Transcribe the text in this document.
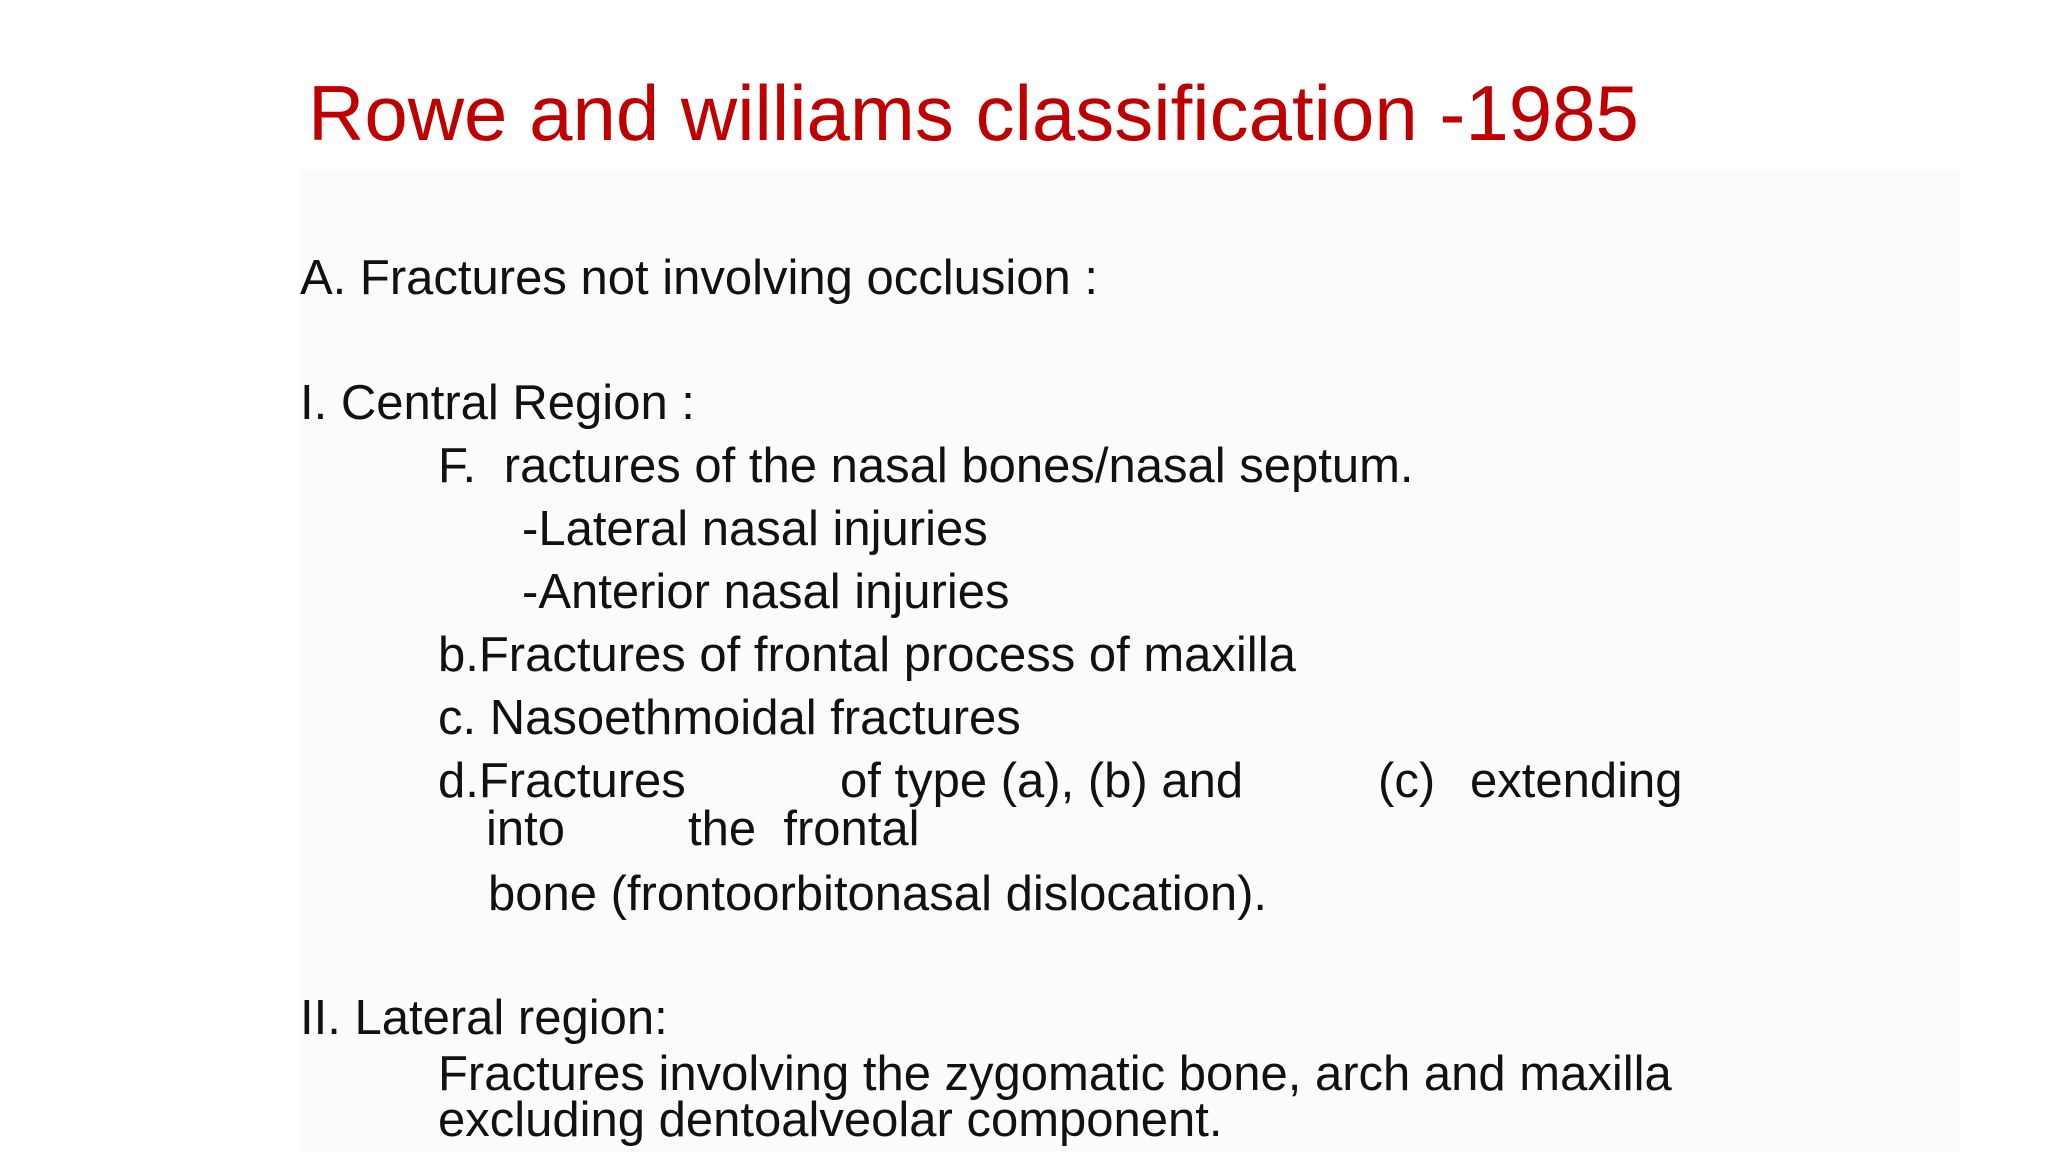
Rowe and williams classification -1985
A. Fractures not involving occlusion :
I. Central Region :
F. ractures of the nasal bones/nasal septum.
-Lateral nasal injuries
-Anterior nasal injuries
b.Fractures of frontal process of maxilla
c. Nasoethmoidal fractures
d.Fractures	of type (a), (b) and	(c) extending
into	the  frontal
bone (frontoorbitonasal dislocation).
II. Lateral region:
Fractures involving the zygomatic bone, arch and maxilla
excluding dentoalveolar component.
